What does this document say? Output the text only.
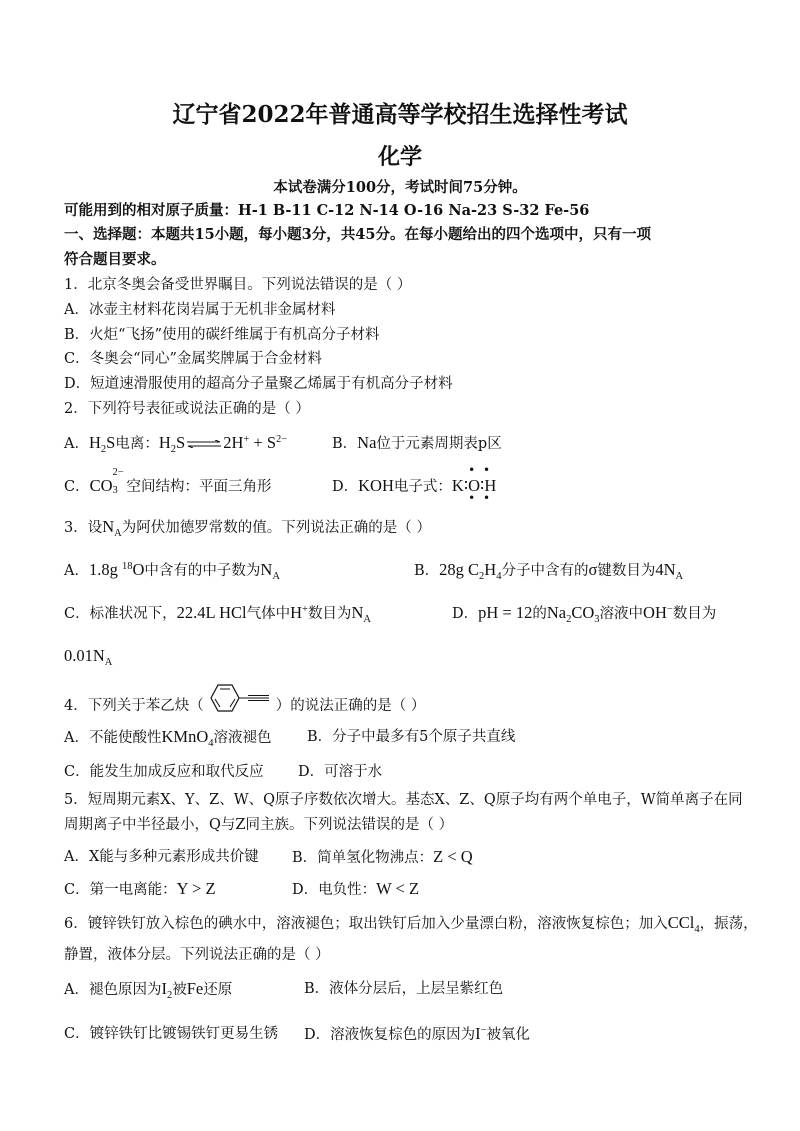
辽宁省2022年普通高等学校招生选择性考试
化学
本试卷满分100分，考试时间75分钟。
可能用到的相对原子质量：H-1 B-11 C-12 N-14 O-16 Na-23 S-32 Fe-56
一、选择题：本题共15小题，每小题3分，共45分。在每小题给出的四个选项中，只有一项
符合题目要求。
1．北京冬奥会备受世界瞩目。下列说法错误的是（ ）
A．冰壶主材料花岗岩属于无机非金属材料
B．火炬“飞扬”使用的碳纤维属于有机高分子材料
C．冬奥会“同心”金属奖牌属于合金材料
D．短道速滑服使用的超高分子量聚乙烯属于有机高分子材料
2．下列符号表征或说法正确的是（ ）
A．$H_2S$电离：$H_2S\rightleftharpoons 2H^+ + S^{2-}$	B．Na位于元素周期表p区
C．CO
2−
3 空间结构：平面三角形	D．KOH电子式：K∶
• •
O
• •
∶H
3．设$N_A$为阿伏加德罗常数的值。下列说法正确的是（ ）
A．1.8g $^{18}$O中含有的中子数为$N_A$	B．28g $C_2H_4$分子中含有的σ键数目为$4N_A$
C．标准状况下，22.4L HCl气体中H+数目为$N_A$	D．pH = 12的$Na_2CO_3$溶液中OH−数目为
$0.01N_A$
4．下列关于苯乙炔（	）的说法正确的是（ ）
A．不能使酸性KMnO$_4$溶液褪色 B．分子中最多有5个原子共直线
C．能发生加成反应和取代反应 D．可溶于水
5．短周期元素X、Y、Z、W、Q原子序数依次增大。基态X、Z、Q原子均有两个单电子，W简单离子在同
周期离子中半径最小，Q与Z同主族。下列说法错误的是（ ）
A．X能与多种元素形成共价键 B．简单氢化物沸点：Z < Q
C．第一电离能：Y > Z	D．电负性：W < Z
6．镀锌铁钉放入棕色的碘水中，溶液褪色；取出铁钉后加入少量漂白粉，溶液恢复棕色；加入CCl$_4$，振荡，
静置，液体分层。下列说法正确的是（ ）
A．褪色原因为$I_2$被Fe还原	B．液体分层后，上层呈紫红色
C．镀锌铁钉比镀锡铁钉更易生锈 D．溶液恢复棕色的原因为I−被氧化
